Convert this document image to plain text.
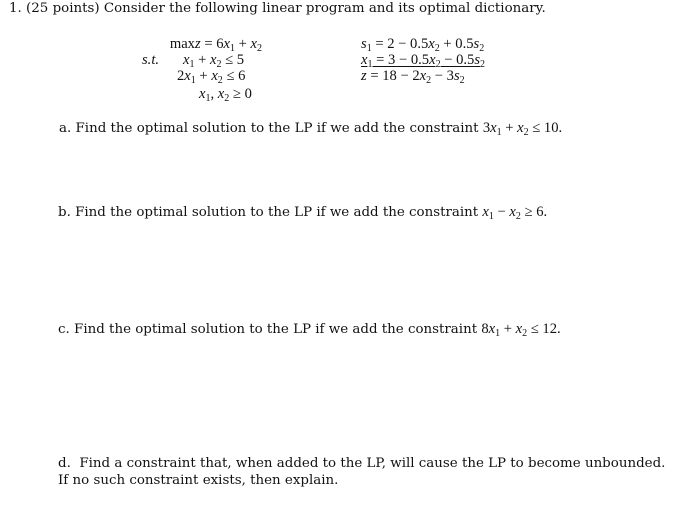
1. (25 points) Consider the following linear program and its optimal dictionary.
$\max z = 6x_1 + x_2$
s.t. $x_1 + x_2 \le 5$
$2x_1 + x_2 \le 6$
$x_1$, $x_2 \ge 0$
$s_1 = 2 - 0.5x_2 + 0.5s_2$
$x_1 = 3 - 0.5x_2 - 0.5s_2$
$z = 18 - 2x_2 - 3s_2$
a. Find the optimal solution to the LP if we add the constraint $3x_1 + x_2 \le 10$.
b. Find the optimal solution to the LP if we add the constraint $x_1 - x_2 \ge 6$.
c. Find the optimal solution to the LP if we add the constraint $8x_1 + x_2 \le 12$.
d. Find a constraint that, when added to the LP, will cause the LP to become unbounded. If no such constraint exists, then explain.
